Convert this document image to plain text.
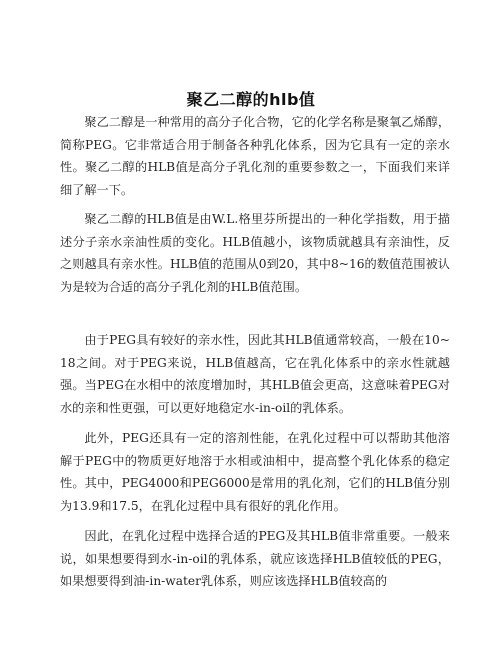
聚乙二醇的hlb值

聚乙二醇是一种常用的高分子化合物，它的化学名称是聚氧乙烯醇，简称PEG。它非常适合用于制备各种乳化体系，因为它具有一定的亲水性。聚乙二醇的HLB值是高分子乳化剂的重要参数之一，下面我们来详细了解一下。

聚乙二醇的HLB值是由W.L.格里芬所提出的一种化学指数，用于描述分子亲水亲油性质的变化。HLB值越小，该物质就越具有亲油性，反之则越具有亲水性。HLB值的范围从0到20，其中8~16的数值范围被认为是较为合适的高分子乳化剂的HLB值范围。

由于PEG具有较好的亲水性，因此其HLB值通常较高，一般在10~18之间。对于PEG来说，HLB值越高，它在乳化体系中的亲水性就越强。当PEG在水相中的浓度增加时，其HLB值会更高，这意味着PEG对水的亲和性更强，可以更好地稳定水-in-oil的乳体系。

此外，PEG还具有一定的溶剂性能，在乳化过程中可以帮助其他溶解于PEG中的物质更好地溶于水相或油相中，提高整个乳化体系的稳定性。其中，PEG4000和PEG6000是常用的乳化剂，它们的HLB值分别为13.9和17.5，在乳化过程中具有很好的乳化作用。

因此，在乳化过程中选择合适的PEG及其HLB值非常重要。一般来说，如果想要得到水-in-oil的乳体系，就应该选择HLB值较低的PEG，如果想要得到油-in-water乳体系，则应该选择HLB值较高的
